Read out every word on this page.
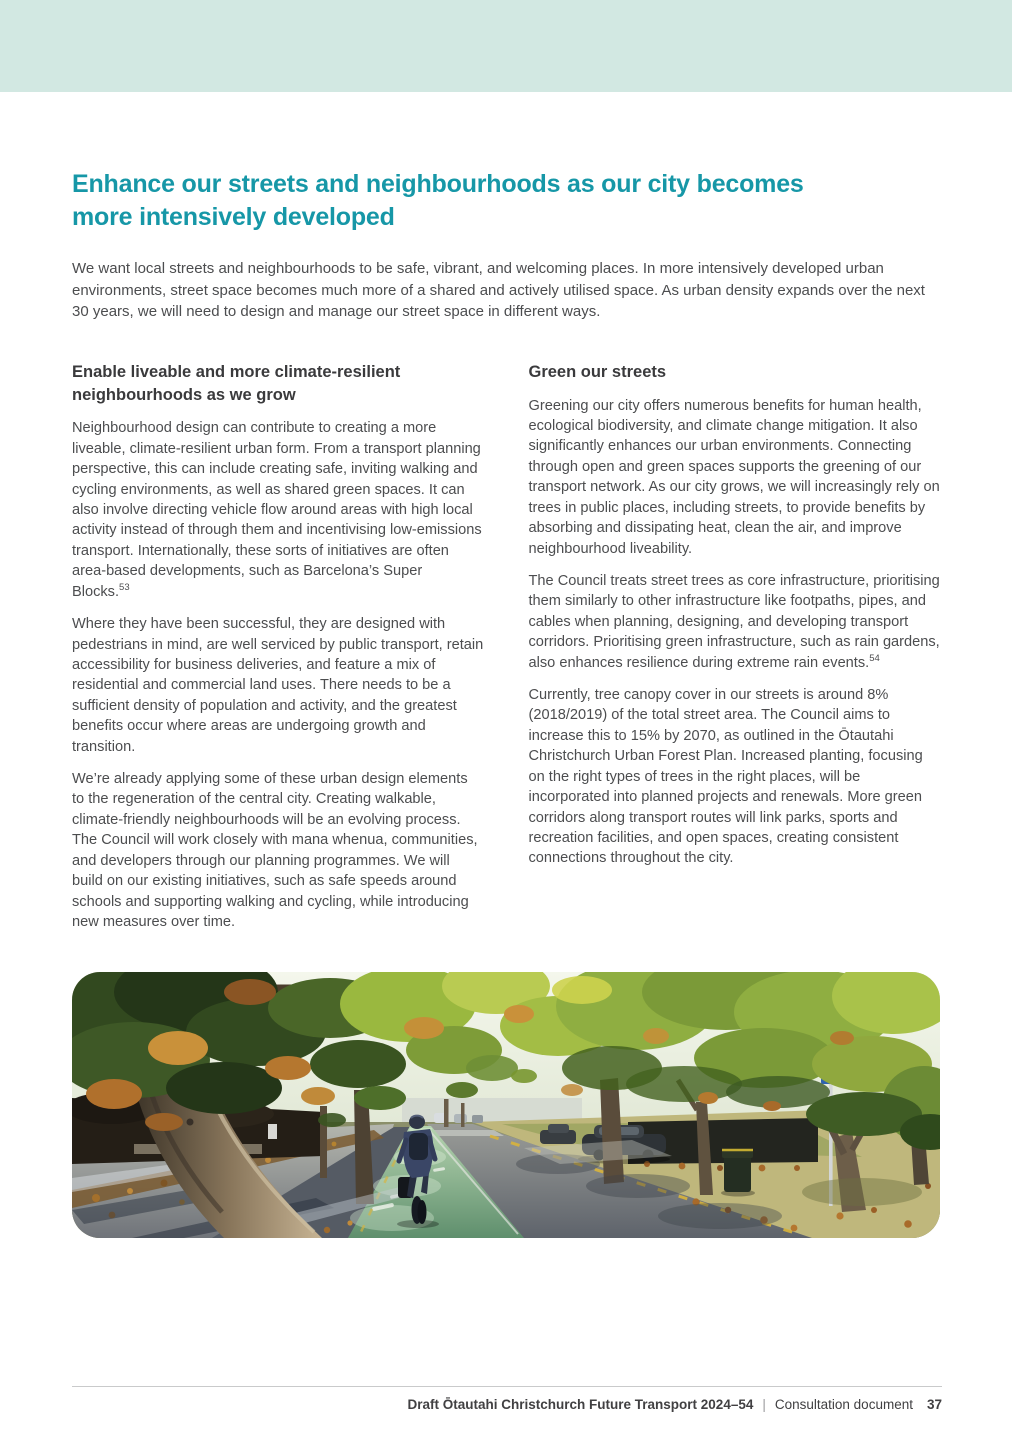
Enhance our streets and neighbourhoods as our city becomes more intensively developed

We want local streets and neighbourhoods to be safe, vibrant, and welcoming places. In more intensively developed urban environments, street space becomes much more of a shared and actively utilised space. As urban density expands over the next 30 years, we will need to design and manage our street space in different ways.

Enable liveable and more climate-resilient neighbourhoods as we grow

Neighbourhood design can contribute to creating a more liveable, climate-resilient urban form. From a transport planning perspective, this can include creating safe, inviting walking and cycling environments, as well as shared green spaces. It can also involve directing vehicle flow around areas with high local activity instead of through them and incentivising low-emissions transport. Internationally, these sorts of initiatives are often area-based developments, such as Barcelona’s Super Blocks.$^{53}$

Where they have been successful, they are designed with pedestrians in mind, are well serviced by public transport, retain accessibility for business deliveries, and feature a mix of residential and commercial land uses. There needs to be a sufficient density of population and activity, and the greatest benefits occur where areas are undergoing growth and transition.

We’re already applying some of these urban design elements to the regeneration of the central city. Creating walkable, climate-friendly neighbourhoods will be an evolving process. The Council will work closely with mana whenua, communities, and developers through our planning programmes. We will build on our existing initiatives, such as safe speeds around schools and supporting walking and cycling, while introducing new measures over time.

Green our streets

Greening our city offers numerous benefits for human health, ecological biodiversity, and climate change mitigation. It also significantly enhances our urban environments. Connecting through open and green spaces supports the greening of our transport network. As our city grows, we will increasingly rely on trees in public places, including streets, to provide benefits by absorbing and dissipating heat, clean the air, and improve neighbourhood liveability.

The Council treats street trees as core infrastructure, prioritising them similarly to other infrastructure like footpaths, pipes, and cables when planning, designing, and developing transport corridors. Prioritising green infrastructure, such as rain gardens, also enhances resilience during extreme rain events.$^{54}$

Currently, tree canopy cover in our streets is around 8% (2018/2019) of the total street area. The Council aims to increase this to 15% by 2070, as outlined in the Ōtautahi Christchurch Urban Forest Plan. Increased planting, focusing on the right types of trees in the right places, will be incorporated into planned projects and renewals. More green corridors along transport routes will link parks, sports and recreation facilities, and open spaces, creating consistent connections throughout the city.

Draft Ōtautahi Christchurch Future Transport 2024–54 | Consultation document 37
